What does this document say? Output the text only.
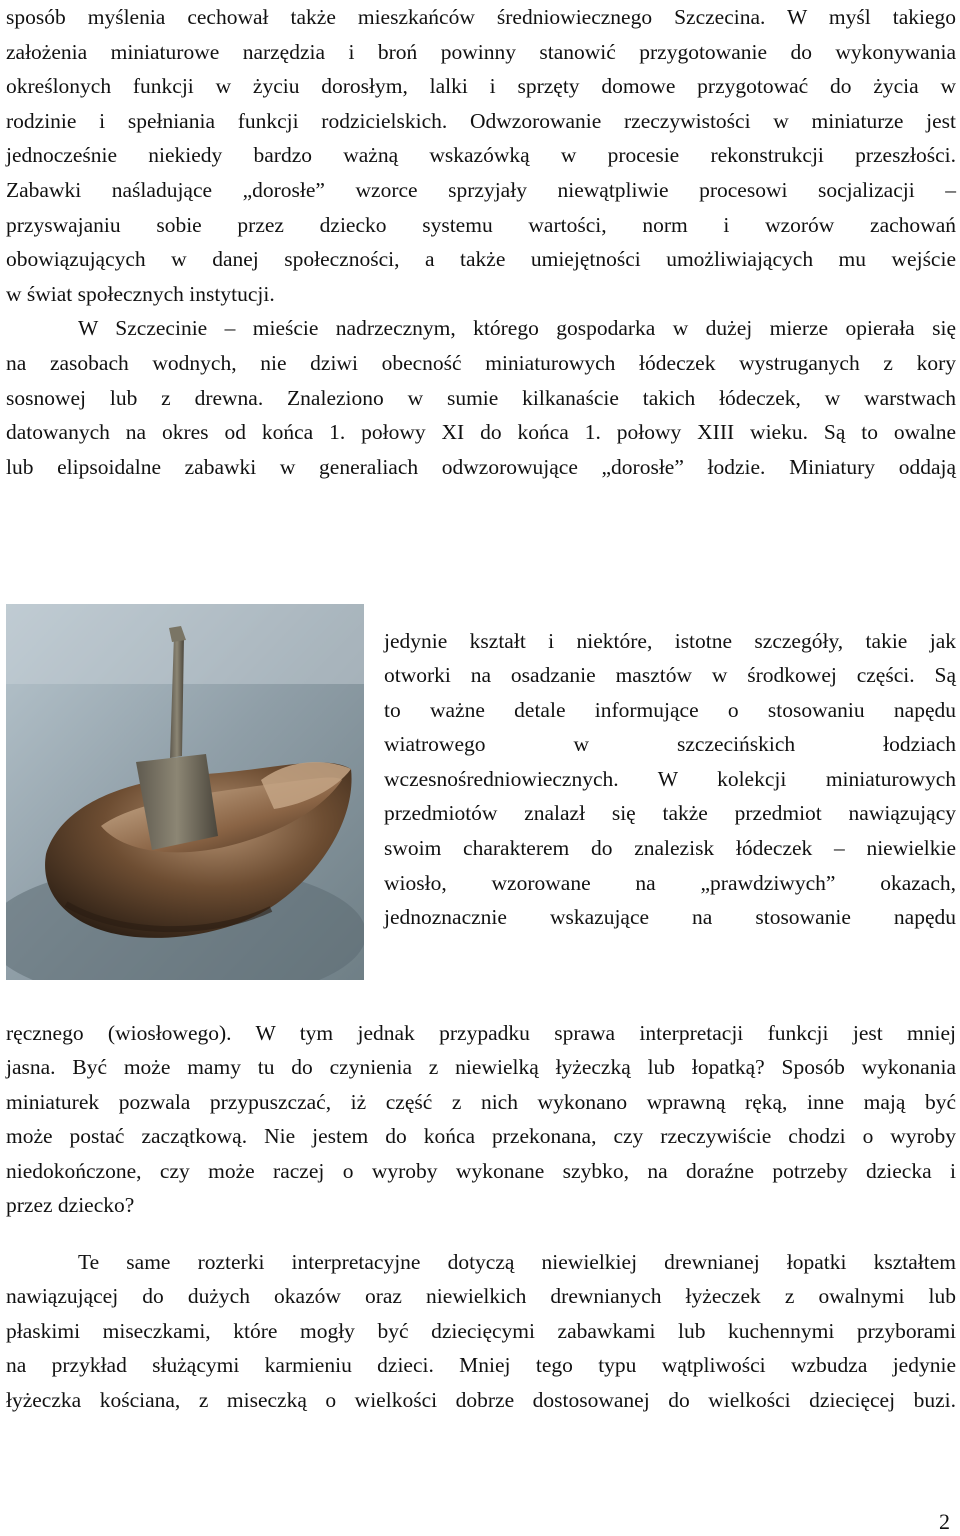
sposób myślenia cechował także mieszkańców średniowiecznego Szczecina. W myśl takiego
założenia miniaturowe narzędzia i broń powinny stanowić przygotowanie do wykonywania
określonych funkcji w życiu dorosłym, lalki i sprzęty domowe przygotować do życia w
rodzinie i spełniania funkcji rodzicielskich. Odwzorowanie rzeczywistości w miniaturze jest
jednocześnie niekiedy bardzo ważną wskazówką w procesie rekonstrukcji przeszłości.
Zabawki naśladujące „dorosłe” wzorce sprzyjały niewątpliwie procesowi socjalizacji –
przyswajaniu sobie przez dziecko systemu wartości, norm i wzorów zachowań
obowiązujących w danej społeczności, a także umiejętności umożliwiających mu wejście
w świat społecznych instytucji.

W Szczecinie – mieście nadrzecznym, którego gospodarka w dużej mierze opierała się
na zasobach wodnych, nie dziwi obecność miniaturowych łódeczek wystruganych z kory
sosnowej lub z drewna. Znaleziono w sumie kilkanaście takich łódeczek, w warstwach
datowanych na okres od końca 1. połowy XI do końca 1. połowy XIII wieku. Są to owalne
lub elipsoidalne zabawki w generaliach odwzorowujące „dorosłe” łodzie. Miniatury oddają

jedynie kształt i niektóre, istotne szczegóły, takie jak
otworki na osadzanie masztów w środkowej części. Są
to ważne detale informujące o stosowaniu napędu
wiatrowego w szczecińskich łodziach
wczesnośredniowiecznych. W kolekcji miniaturowych
przedmiotów znalazł się także przedmiot nawiązujący
swoim charakterem do znalezisk łódeczek – niewielkie
wiosło, wzorowane na „prawdziwych” okazach,
jednoznacznie wskazujące na stosowanie napędu

ręcznego (wiosłowego). W tym jednak przypadku sprawa interpretacji funkcji jest mniej
jasna. Być może mamy tu do czynienia z niewielką łyżeczką lub łopatką? Sposób wykonania
miniaturek pozwala przypuszczać, iż część z nich wykonano wprawną ręką, inne mają być
może postać zaczątkową. Nie jestem do końca przekonana, czy rzeczywiście chodzi o wyroby
niedokończone, czy może raczej o wyroby wykonane szybko, na doraźne potrzeby dziecka i
przez dziecko?

Te same rozterki interpretacyjne dotyczą niewielkiej drewnianej łopatki kształtem
nawiązującej do dużych okazów oraz niewielkich drewnianych łyżeczek z owalnymi lub
płaskimi miseczkami, które mogły być dziecięcymi zabawkami lub kuchennymi przyborami
na przykład służącymi karmieniu dzieci. Mniej tego typu wątpliwości wzbudza jedynie
łyżeczka kościana, z miseczką o wielkości dobrze dostosowanej do wielkości dziecięcej buzi.

2
